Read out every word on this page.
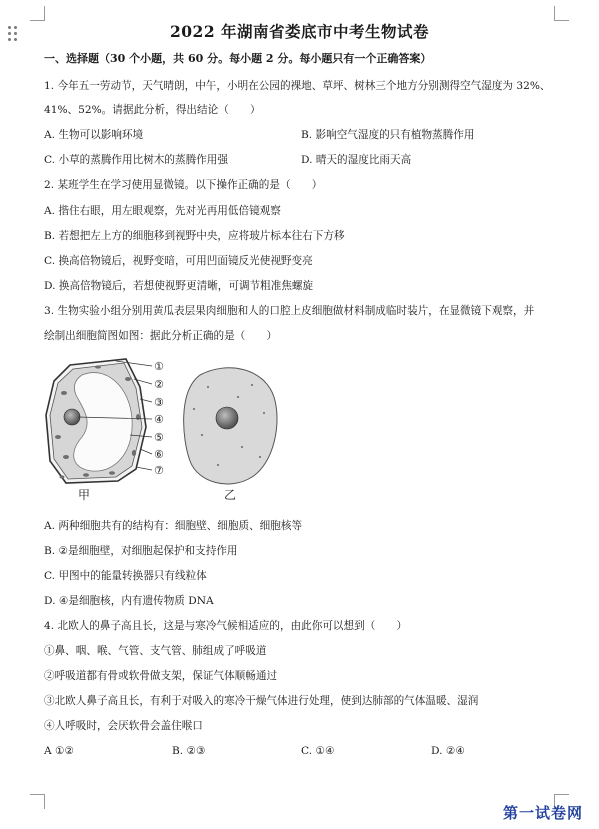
2022 年湖南省娄底市中考生物试卷
一、选择题（30 个小题，共 60 分。每小题 2 分。每小题只有一个正确答案）
1. 今年五一劳动节，天气晴朗，中午，小明在公园的裸地、草坪、树林三个地方分别测得空气湿度为 32%、
41%、52%。请据此分析，得出结论（　　）
A. 生物可以影响环境	B. 影响空气湿度的只有植物蒸腾作用
C. 小草的蒸腾作用比树木的蒸腾作用强	D. 晴天的湿度比雨天高
2. 某班学生在学习使用显微镜。以下操作正确的是（　　）
A. 揩住右眼，用左眼观察，先对光再用低倍镜观察
B. 若想把左上方的细胞移到视野中央，应将玻片标本往右下方移
C. 换高倍物镜后，视野变暗，可用凹面镜反光使视野变亮
D. 换高倍物镜后，若想使视野更清晰，可调节粗准焦螺旋
3. 生物实验小组分别用黄瓜表层果肉细胞和人的口腔上皮细胞做材料制成临时装片，在显微镜下观察，并
绘制出细胞简图如图：据此分析正确的是（　　）
①
②
③
④
⑤
⑥
⑦
甲	乙
A. 两种细胞共有的结构有：细胞壁、细胞质、细胞核等
B. ②是细胞壁，对细胞起保护和支持作用
C. 甲图中的能量转换器只有线粒体
D. ④是细胞核，内有遗传物质 DNA
4. 北欧人的鼻子高且长，这是与寒冷气候相适应的，由此你可以想到（　　）
①鼻、咽、喉、气管、支气管、肺组成了呼吸道
②呼吸道都有骨或软骨做支架，保证气体顺畅通过
③北欧人鼻子高且长，有利于对吸入的寒冷干燥气体进行处理，使到达肺部的气体温暖、湿润
④人呼吸时，会厌软骨会盖住喉口
A ①②	B. ②③	C. ①④	D. ②④
第一试卷网
